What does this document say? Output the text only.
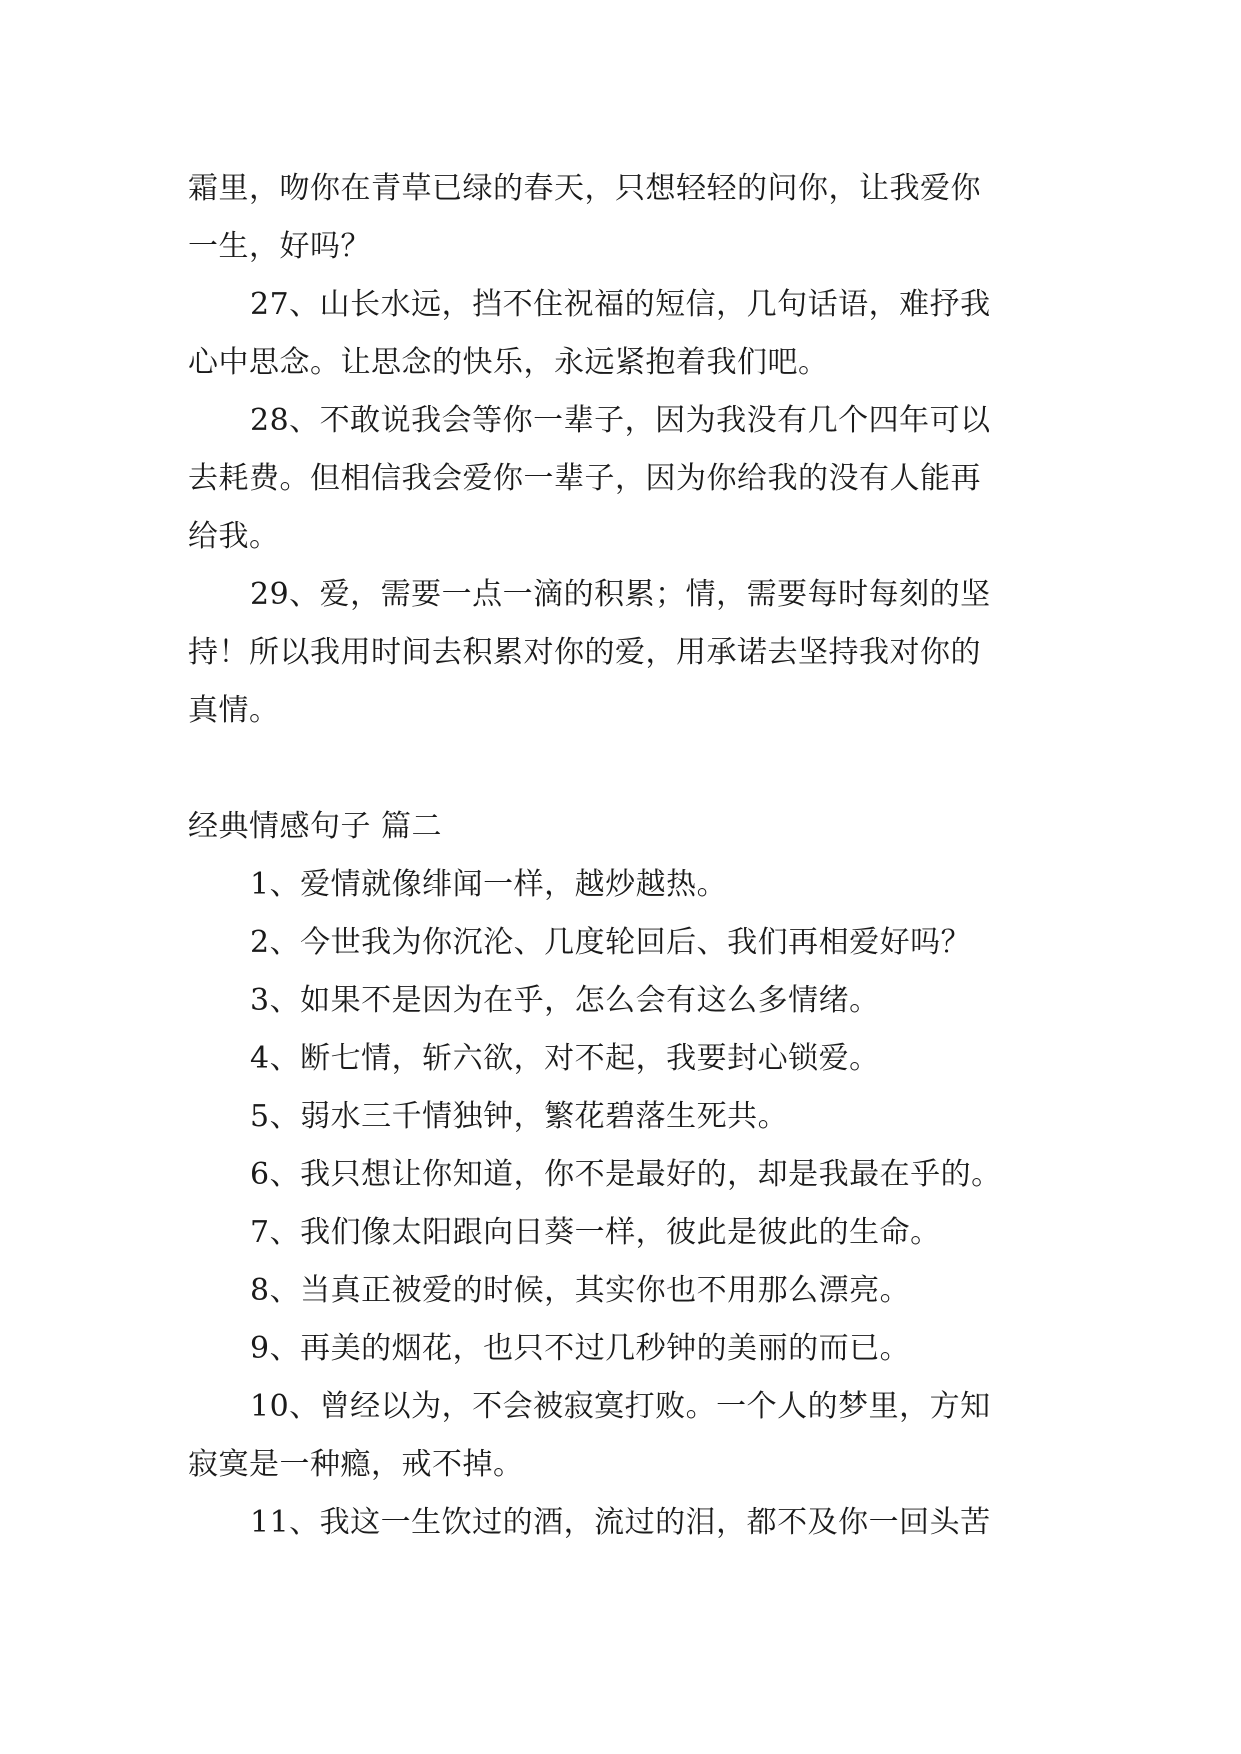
霜里，吻你在青草已绿的春天，只想轻轻的问你，让我爱你

一生，好吗？

27、山长水远，挡不住祝福的短信，几句话语，难抒我

心中思念。让思念的快乐，永远紧抱着我们吧。

28、不敢说我会等你一辈子，因为我没有几个四年可以

去耗费。但相信我会爱你一辈子，因为你给我的没有人能再

给我。

29、爱，需要一点一滴的积累；情，需要每时每刻的坚

持！所以我用时间去积累对你的爱，用承诺去坚持我对你的

真情。

经典情感句子 篇二

1、爱情就像绯闻一样，越炒越热。

2、今世我为你沉沦、几度轮回后、我们再相爱好吗？

3、如果不是因为在乎，怎么会有这么多情绪。

4、断七情，斩六欲，对不起，我要封心锁爱。

5、弱水三千情独钟，繁花碧落生死共。

6、我只想让你知道，你不是最好的，却是我最在乎的。

7、我们像太阳跟向日葵一样，彼此是彼此的生命。

8、当真正被爱的时候，其实你也不用那么漂亮。

9、再美的烟花，也只不过几秒钟的美丽的而已。

10、曾经以为，不会被寂寞打败。一个人的梦里，方知

寂寞是一种瘾，戒不掉。

11、我这一生饮过的酒，流过的泪，都不及你一回头苦
